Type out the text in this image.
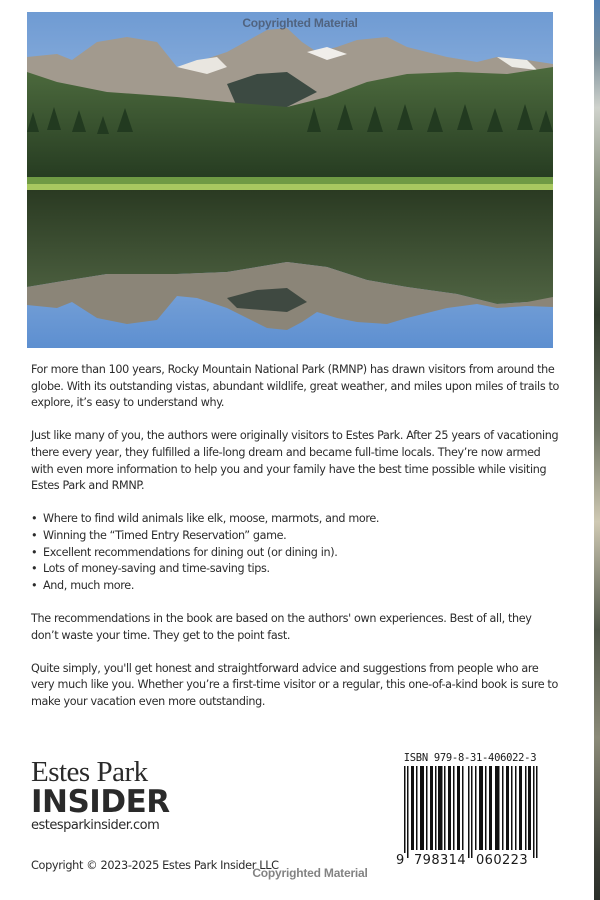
Copyrighted Material

For more than 100 years, Rocky Mountain National Park (RMNP) has drawn visitors from around the globe. With its outstanding vistas, abundant wildlife, great weather, and miles upon miles of trails to explore, it’s easy to understand why.

Just like many of you, the authors were originally visitors to Estes Park. After 25 years of vacationing there every year, they fulfilled a life-long dream and became full-time locals. They’re now armed with even more information to help you and your family have the best time possible while visiting Estes Park and RMNP.

• Where to find wild animals like elk, moose, marmots, and more.
• Winning the “Timed Entry Reservation” game.
• Excellent recommendations for dining out (or dining in).
• Lots of money-saving and time-saving tips.
• And, much more.

The recommendations in the book are based on the authors' own experiences. Best of all, they don’t waste your time. They get to the point fast.

Quite simply, you'll get honest and straightforward advice and suggestions from people who are very much like you. Whether you’re a first-time visitor or a regular, this one-of-a-kind book is sure to make your vacation even more outstanding.

Estes Park
INSIDER
estesparkinsider.com
Copyright © 2023-2025 Estes Park Insider LLC
Copyrighted Material
ISBN 979-8-31-406022-3
9 798314 060223
